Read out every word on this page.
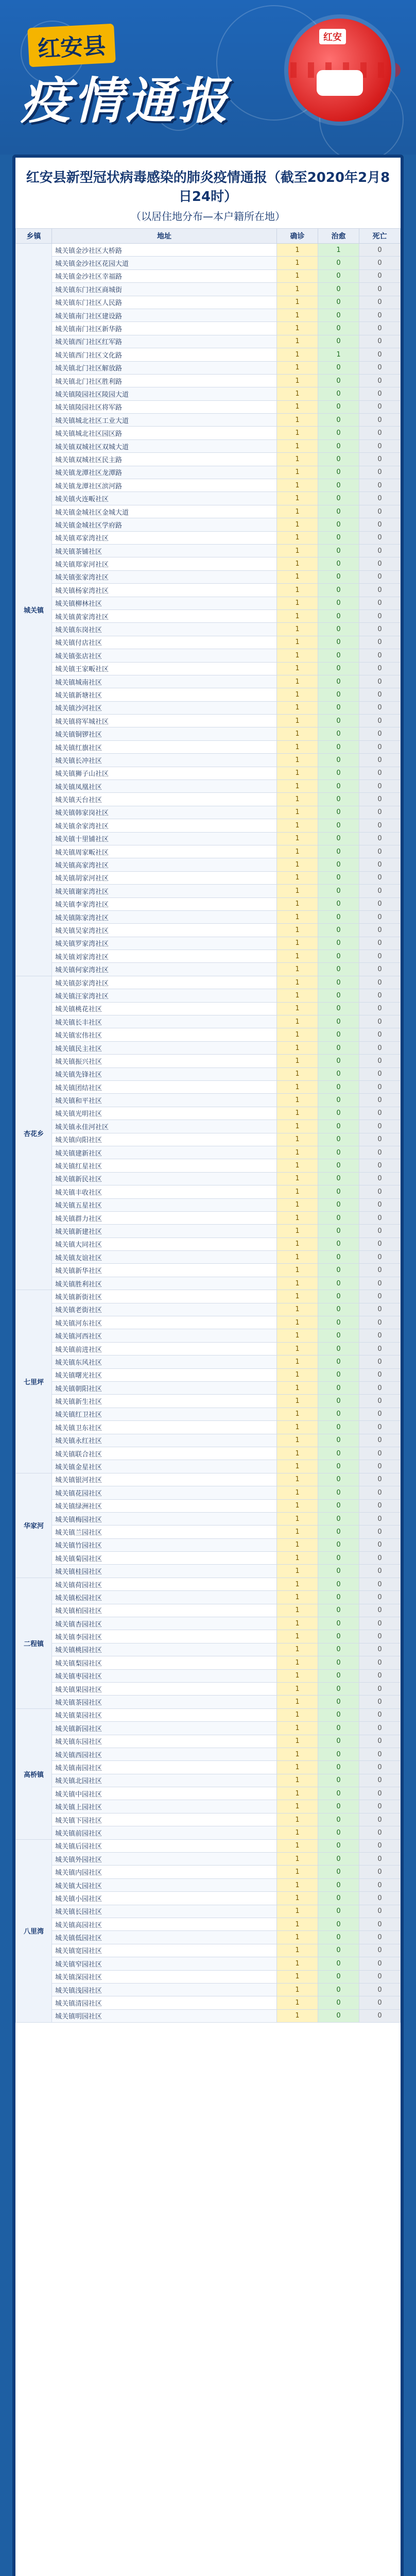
红安县
疫情通报
红安
红安县新型冠状病毒感染的肺炎疫情通报（截至2020年2月8日24时）
（以居住地分布—本户籍所在地）
乡镇	地址	确诊	治愈	死亡
城关镇	城关镇金沙社区大桥路	1	1	0
	城关镇金沙社区花园大道	1	0	0
	城关镇金沙社区幸福路	1	0	0
	城关镇东门社区商城街	1	0	0
	城关镇东门社区人民路	1	0	0
	城关镇南门社区建设路	1	0	0
	城关镇南门社区新华路	1	0	0
	城关镇西门社区红军路	1	0	0
	城关镇西门社区文化路	1	1	0
	城关镇北门社区解放路	1	0	0
	城关镇北门社区胜利路	1	0	0
	城关镇陵园社区陵园大道	1	0	0
	城关镇陵园社区将军路	1	0	0
	城关镇城北社区工业大道	1	0	0
	城关镇城北社区园区路	1	0	0
	城关镇双城社区双城大道	1	0	0
	城关镇双城社区民主路	1	0	0
	城关镇龙潭社区龙潭路	1	0	0
	城关镇龙潭社区滨河路	1	0	0
	城关镇火连畈社区	1	0	0
	城关镇金城社区金城大道	1	0	0
	城关镇金城社区学府路	1	0	0
	城关镇邓家湾社区	1	0	0
	城关镇茶铺社区	1	0	0
	城关镇郑家河社区	1	0	0
	城关镇张家湾社区	1	0	0
	城关镇杨家湾社区	1	0	0
	城关镇柳林社区	1	0	0
	城关镇黄家湾社区	1	0	0
	城关镇东岗社区	1	0	0
	城关镇付店社区	1	0	0
	城关镇张店社区	1	0	0
	城关镇王家畈社区	1	0	0
	城关镇城南社区	1	0	0
	城关镇新塘社区	1	0	0
	城关镇沙河社区	1	0	0
	城关镇将军城社区	1	0	0
	城关镇铜锣社区	1	0	0
	城关镇红旗社区	1	0	0
	城关镇长冲社区	1	0	0
	城关镇狮子山社区	1	0	0
	城关镇凤凰社区	1	0	0
	城关镇天台社区	1	0	0
	城关镇韩家岗社区	1	0	0
	城关镇余家湾社区	1	0	0
	城关镇十里铺社区	1	0	0
	城关镇周家畈社区	1	0	0
	城关镇高家湾社区	1	0	0
	城关镇胡家河社区	1	0	0
	城关镇谢家湾社区	1	0	0
	城关镇李家湾社区	1	0	0
	城关镇陈家湾社区	1	0	0
	城关镇吴家湾社区	1	0	0
	城关镇罗家湾社区	1	0	0
	城关镇刘家湾社区	1	0	0
	城关镇何家湾社区	1	0	0
杏花乡	城关镇彭家湾社区	1	0	0
	城关镇汪家湾社区	1	0	0
	城关镇桃花社区	1	0	0
	城关镇长丰社区	1	0	0
	城关镇宏伟社区	1	0	0
	城关镇民主社区	1	0	0
	城关镇振兴社区	1	0	0
	城关镇先锋社区	1	0	0
	城关镇团结社区	1	0	0
	城关镇和平社区	1	0	0
	城关镇光明社区	1	0	0
	城关镇永佳河社区	1	0	0
	城关镇向阳社区	1	0	0
	城关镇建新社区	1	0	0
	城关镇红星社区	1	0	0
	城关镇新民社区	1	0	0
	城关镇丰收社区	1	0	0
	城关镇五星社区	1	0	0
	城关镇群力社区	1	0	0
	城关镇新建社区	1	0	0
	城关镇大同社区	1	0	0
	城关镇友谊社区	1	0	0
	城关镇新华社区	1	0	0
	城关镇胜利社区	1	0	0
七里坪	城关镇新街社区	1	0	0
	城关镇老街社区	1	0	0
	城关镇河东社区	1	0	0
	城关镇河西社区	1	0	0
	城关镇前进社区	1	0	0
	城关镇东风社区	1	0	0
	城关镇曙光社区	1	0	0
	城关镇朝阳社区	1	0	0
	城关镇新生社区	1	0	0
	城关镇红卫社区	1	0	0
	城关镇卫东社区	1	0	0
	城关镇永红社区	1	0	0
	城关镇联合社区	1	0	0
	城关镇金星社区	1	0	0
华家河	城关镇银河社区	1	0	0
	城关镇花园社区	1	0	0
	城关镇绿洲社区	1	0	0
	城关镇梅园社区	1	0	0
	城关镇兰园社区	1	0	0
	城关镇竹园社区	1	0	0
	城关镇菊园社区	1	0	0
	城关镇桂园社区	1	0	0
二程镇	城关镇荷园社区	1	0	0
	城关镇松园社区	1	0	0
	城关镇柏园社区	1	0	0
	城关镇杏园社区	1	0	0
	城关镇李园社区	1	0	0
	城关镇桃园社区	1	0	0
	城关镇梨园社区	1	0	0
	城关镇枣园社区	1	0	0
	城关镇果园社区	1	0	0
	城关镇茶园社区	1	0	0
高桥镇	城关镇菜园社区	1	0	0
	城关镇新园社区	1	0	0
	城关镇东园社区	1	0	0
	城关镇西园社区	1	0	0
	城关镇南园社区	1	0	0
	城关镇北园社区	1	0	0
	城关镇中园社区	1	0	0
	城关镇上园社区	1	0	0
	城关镇下园社区	1	0	0
	城关镇前园社区	1	0	0
八里湾	城关镇后园社区	1	0	0
	城关镇外园社区	1	0	0
	城关镇内园社区	1	0	0
	城关镇大园社区	1	0	0
	城关镇小园社区	1	0	0
	城关镇长园社区	1	0	0
	城关镇高园社区	1	0	0
	城关镇低园社区	1	0	0
	城关镇宽园社区	1	0	0
	城关镇窄园社区	1	0	0
	城关镇深园社区	1	0	0
	城关镇浅园社区	1	0	0
	城关镇清园社区	1	0	0
	城关镇明园社区	1	0	0
